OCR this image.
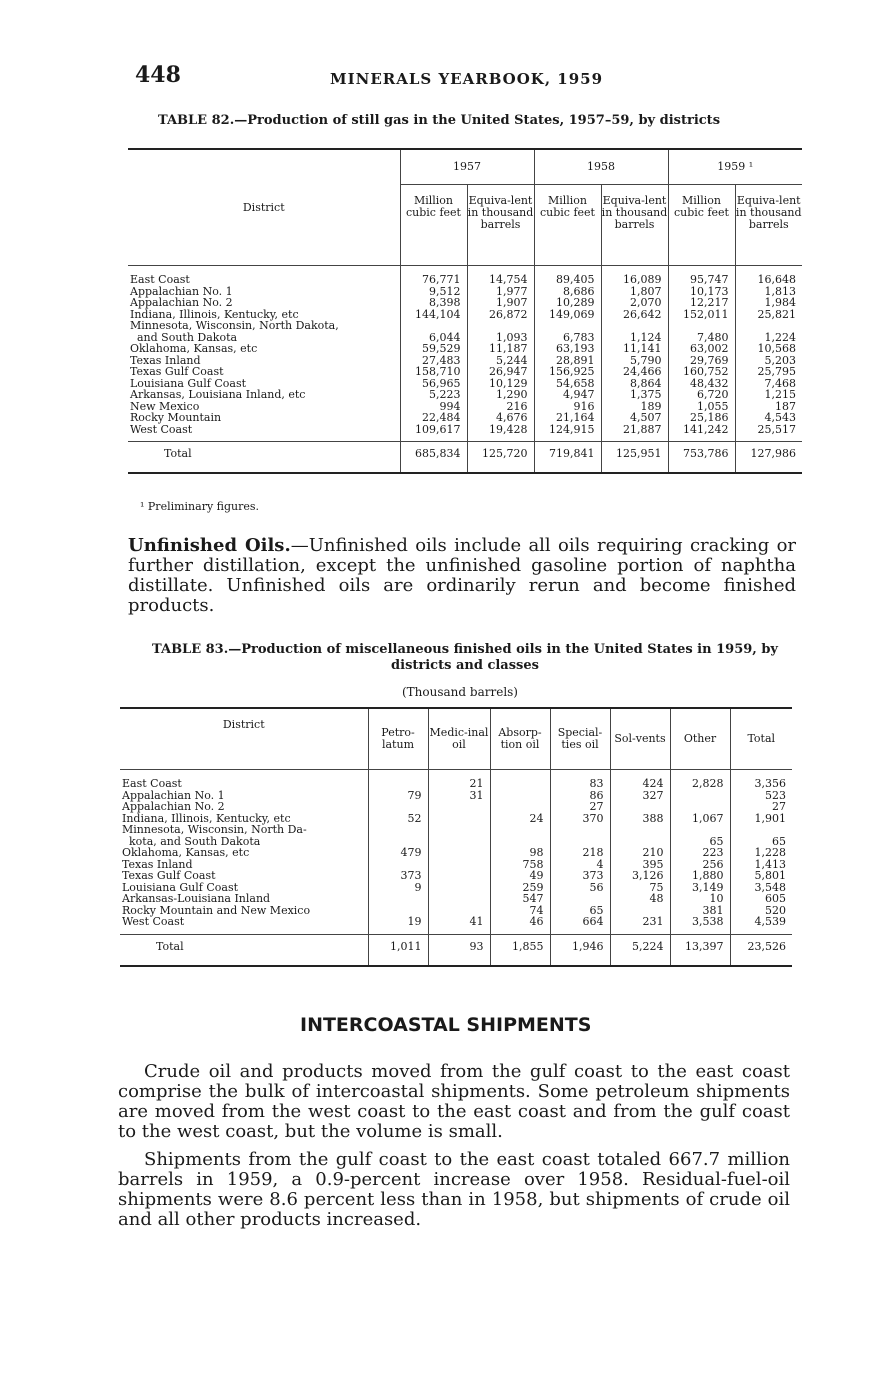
448	MINERALS YEARBOOK, 1959
TABLE 82.—Production of still gas in the United States, 1957–59, by districts
District	1957		1958		1959 ¹	
	Million cubic feet	Equiva-lent in thousand barrels	Million cubic feet	Equiva-lent in thousand barrels	Million cubic feet	Equiva-lent in thousand barrels
East Coast	76,771	14,754	89,405	16,089	95,747	16,648
Appalachian No. 1	9,512	1,977	8,686	1,807	10,173	1,813
Appalachian No. 2	8,398	1,907	10,289	2,070	12,217	1,984
Indiana, Illinois, Kentucky, etc	144,104	26,872	149,069	26,642	152,011	25,821
Minnesota, Wisconsin, North Dakota,						
and South Dakota	6,044	1,093	6,783	1,124	7,480	1,224
Oklahoma, Kansas, etc	59,529	11,187	63,193	11,141	63,002	10,568
Texas Inland	27,483	5,244	28,891	5,790	29,769	5,203
Texas Gulf Coast	158,710	26,947	156,925	24,466	160,752	25,795
Louisiana Gulf Coast	56,965	10,129	54,658	8,864	48,432	7,468
Arkansas, Louisiana Inland, etc	5,223	1,290	4,947	1,375	6,720	1,215
New Mexico	994	216	916	189	1,055	187
Rocky Mountain	22,484	4,676	21,164	4,507	25,186	4,543
West Coast	109,617	19,428	124,915	21,887	141,242	25,517
Total	685,834	125,720	719,841	125,951	753,786	127,986
¹ Preliminary figures.
Unfinished Oils.—Unfinished oils include all oils requiring cracking or further distillation, except the unfinished gasoline portion of naphtha distillate. Unfinished oils are ordinarily rerun and become finished products.
TABLE 83.—Production of miscellaneous finished oils in the United States in 1959, by districts and classes
(Thousand barrels)
District	Petro-latum	Medic-inal oil	Absorp-tion oil	Special-ties oil	Sol-vents	Other	Total
East Coast		21		83	424	2,828	3,356
Appalachian No. 1	79	31		86	327		523
Appalachian No. 2				27			27
Indiana, Illinois, Kentucky, etc	52		24	370	388	1,067	1,901
Minnesota, Wisconsin, North Da-							
kota, and South Dakota						65	65
Oklahoma, Kansas, etc	479		98	218	210	223	1,228
Texas Inland			758	4	395	256	1,413
Texas Gulf Coast	373		49	373	3,126	1,880	5,801
Louisiana Gulf Coast	9		259	56	75	3,149	3,548
Arkansas-Louisiana Inland			547		48	10	605
Rocky Mountain and New Mexico			74	65		381	520
West Coast	19	41	46	664	231	3,538	4,539
Total	1,011	93	1,855	1,946	5,224	13,397	23,526
INTERCOASTAL SHIPMENTS
Crude oil and products moved from the gulf coast to the east coast comprise the bulk of intercoastal shipments. Some petroleum shipments are moved from the west coast to the east coast and from the gulf coast to the west coast, but the volume is small.
Shipments from the gulf coast to the east coast totaled 667.7 million barrels in 1959, a 0.9-percent increase over 1958. Residual-fuel-oil shipments were 8.6 percent less than in 1958, but shipments of crude oil and all other products increased.
